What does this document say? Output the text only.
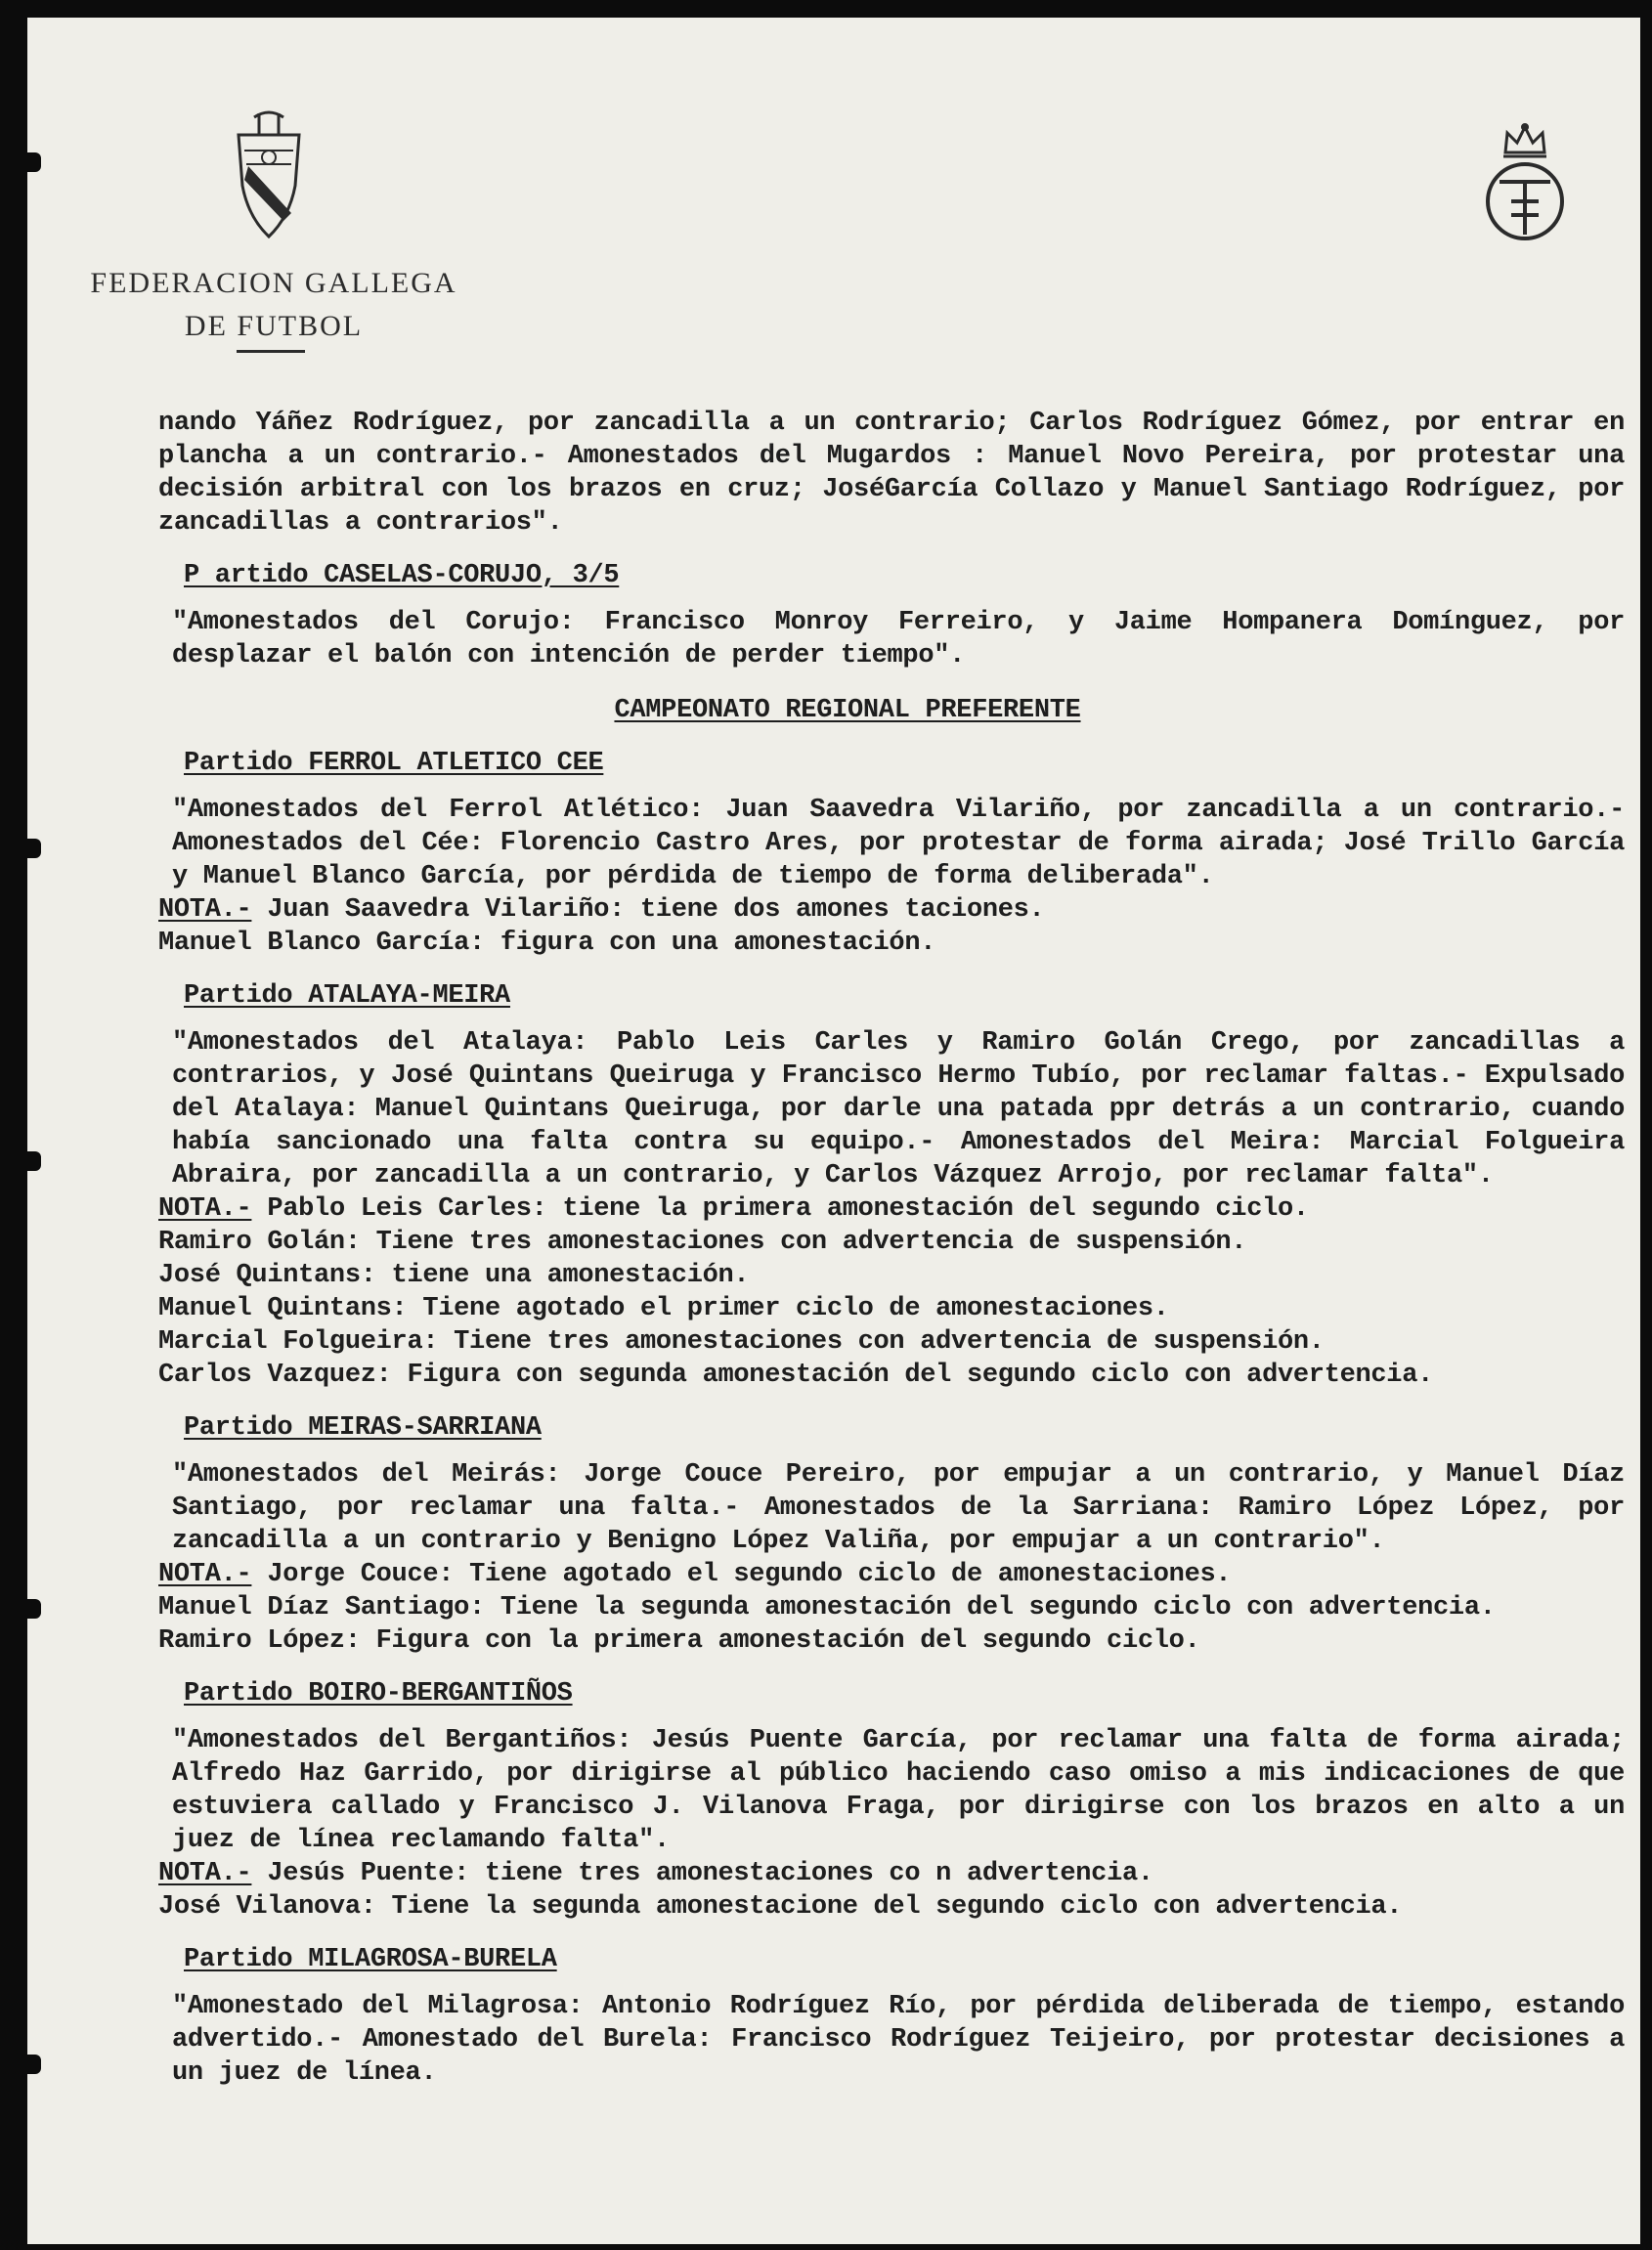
FEDERACION GALLEGA
DE FUTBOL

nando Yáñez Rodríguez, por zancadilla a un contrario; Carlos Rodríguez Gómez, por entrar en plancha a un contrario.- Amonestados del Mugardos : Manuel Novo Pereira, por protestar una decisión arbitral con los brazos en cruz; JoséGarcía Collazo y Manuel Santiago Rodríguez, por zancadillas a contrarios".

P artido CASELAS-CORUJO, 3/5

"Amonestados del Corujo: Francisco Monroy Ferreiro, y Jaime Hompanera Domínguez, por desplazar el balón con intención de perder tiempo".

CAMPEONATO REGIONAL PREFERENTE
Partido FERROL ATLETICO CEE

"Amonestados del Ferrol Atlético: Juan Saavedra Vilariño, por zancadilla a un contrario.- Amonestados del Cée: Florencio Castro Ares, por protestar de forma airada; José Trillo García y Manuel Blanco García, por pérdida de tiempo de forma deliberada".

NOTA.- Juan Saavedra Vilariño: tiene dos amones taciones.

Manuel Blanco García: figura con una amonestación.

Partido ATALAYA-MEIRA

"Amonestados del Atalaya: Pablo Leis Carles y Ramiro Golán Crego, por zancadillas a contrarios, y José Quintans Queiruga y Francisco Hermo Tubío, por reclamar faltas.- Expulsado del Atalaya: Manuel Quintans Queiruga, por darle una patada ppr detrás a un contrario, cuando había sancionado una falta contra su equipo.- Amonestados del Meira: Marcial Folgueira Abraira, por zancadilla a un contrario, y Carlos Vázquez Arrojo, por reclamar falta".

NOTA.- Pablo Leis Carles: tiene la primera amonestación del segundo ciclo.

Ramiro Golán: Tiene tres amonestaciones con advertencia de suspensión.

José Quintans: tiene una amonestación.

Manuel Quintans: Tiene agotado el primer ciclo de amonestaciones.

Marcial Folgueira: Tiene tres amonestaciones con advertencia de suspensión.

Carlos Vazquez: Figura con segunda amonestación del segundo ciclo con advertencia.

Partido MEIRAS-SARRIANA

"Amonestados del Meirás: Jorge Couce Pereiro, por empujar a un contrario, y Manuel Díaz Santiago, por reclamar una falta.- Amonestados de la Sarriana: Ramiro López López, por zancadilla a un contrario y Benigno López Valiña, por empujar a un contrario".

NOTA.- Jorge Couce: Tiene agotado el segundo ciclo de amonestaciones.

Manuel Díaz Santiago: Tiene la segunda amonestación del segundo ciclo con advertencia.

Ramiro López: Figura con la primera amonestación del segundo ciclo.

Partido BOIRO-BERGANTIÑOS

"Amonestados del Bergantiños: Jesús Puente García, por reclamar una falta de forma airada; Alfredo Haz Garrido, por dirigirse al público haciendo caso omiso a mis indicaciones de que estuviera callado y Francisco J. Vilanova Fraga, por dirigirse con los brazos en alto a un juez de línea reclamando falta".

NOTA.- Jesús Puente: tiene tres amonestaciones co n advertencia.

José Vilanova: Tiene la segunda amonestacione del segundo ciclo con advertencia.

Partido MILAGROSA-BURELA

"Amonestado del Milagrosa: Antonio Rodríguez Río, por pérdida deliberada de tiempo, estando advertido.- Amonestado del Burela: Francisco Rodríguez Teijeiro, por protestar decisiones a un juez de línea.
